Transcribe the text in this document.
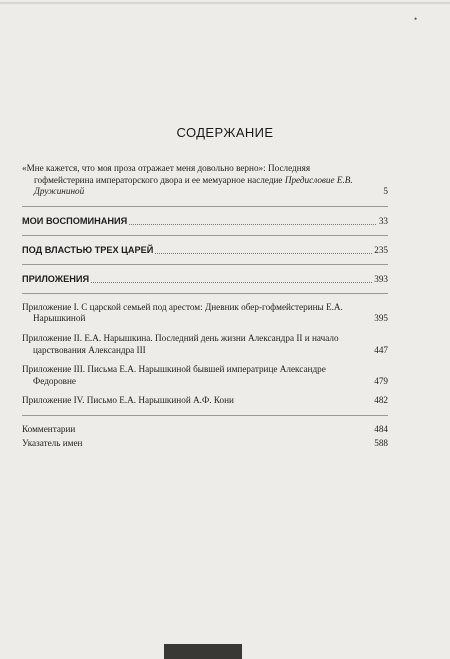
•
СОДЕРЖАНИЕ
«Мне кажется, что моя проза отражает меня довольно верно»: Последняя гофмейстерина императорского двора и ее мемуарное наследие Предисловие Е.В. Дружининой	5
МОИ ВОСПОМИНАНИЯ	33
ПОД ВЛАСТЬЮ ТРЕХ ЦАРЕЙ	235
ПРИЛОЖЕНИЯ	393
Приложение I. С царской семьей под арестом: Дневник обер-гофмейстерины Е.А. Нарышкиной	395
Приложение II. Е.А. Нарышкина. Последний день жизни Александра II и начало царствования Александра III	447
Приложение III. Письма Е.А. Нарышкиной бывшей императрице Александре Федоровне	479
Приложение IV. Письмо Е.А. Нарышкиной А.Ф. Кони	482
Комментарии	484
Указатель имен	588
